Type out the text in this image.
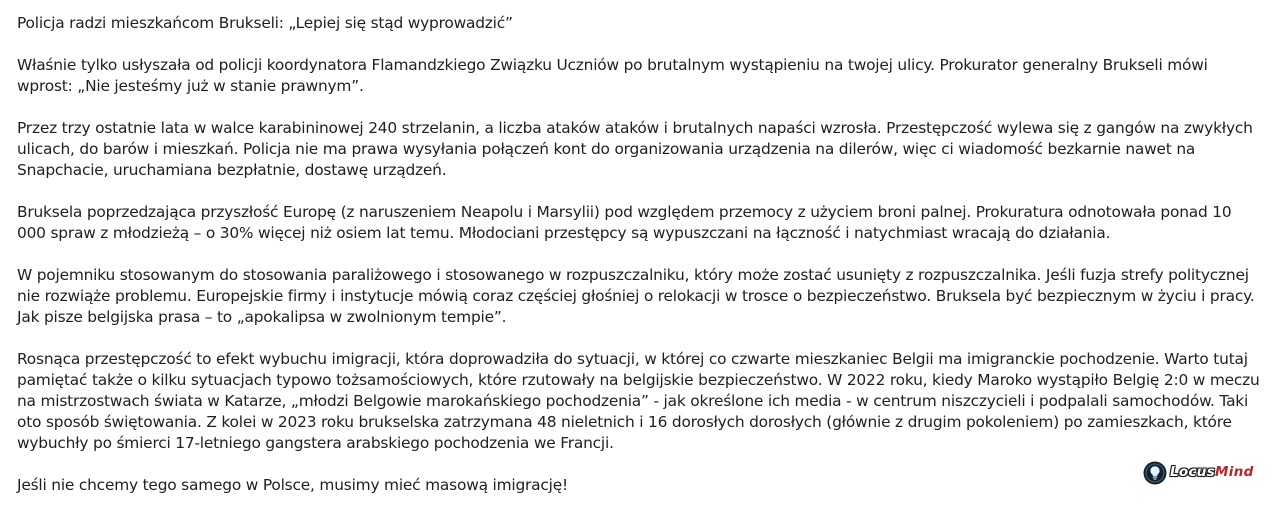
Policja radzi mieszkańcom Brukseli: „Lepiej się stąd wyprowadzić”

Właśnie tylko usłyszała od policji koordynatora Flamandzkiego Związku Uczniów po brutalnym wystąpieniu na twojej ulicy. Prokurator generalny Brukseli mówi wprost: „Nie jesteśmy już w stanie prawnym”.

Przez trzy ostatnie lata w walce karabininowej 240 strzelanin, a liczba ataków ataków i brutalnych napaści wzrosła. Przestępczość wylewa się z gangów na zwykłych ulicach, do barów i mieszkań. Policja nie ma prawa wysyłania połączeń kont do organizowania urządzenia na dilerów, więc ci wiadomość bezkarnie nawet na Snapchacie, uruchamiana bezpłatnie, dostawę urządzeń.

Bruksela poprzedzająca przyszłość Europę (z naruszeniem Neapolu i Marsylii) pod względem przemocy z użyciem broni palnej. Prokuratura odnotowała ponad 10 000 spraw z młodzieżą – o 30% więcej niż osiem lat temu. Młodociani przestępcy są wypuszczani na łączność i natychmiast wracają do działania.

W pojemniku stosowanym do stosowania paraliżowego i stosowanego w rozpuszczalniku, który może zostać usunięty z rozpuszczalnika. Jeśli fuzja strefy politycznej nie rozwiąże problemu. Europejskie firmy i instytucje mówią coraz częściej głośniej o relokacji w trosce o bezpieczeństwo. Bruksela być bezpiecznym w życiu i pracy. Jak pisze belgijska prasa – to „apokalipsa w zwolnionym tempie”.

Rosnąca przestępczość to efekt wybuchu imigracji, która doprowadziła do sytuacji, w której co czwarte mieszkaniec Belgii ma imigranckie pochodzenie. Warto tutaj pamiętać także o kilku sytuacjach typowo tożsamościowych, które rzutowały na belgijskie bezpieczeństwo. W 2022 roku, kiedy Maroko wystąpiło Belgię 2:0 w meczu na mistrzostwach świata w Katarze, „młodzi Belgowie marokańskiego pochodzenia” - jak określone ich media - w centrum niszczycieli i podpalali samochodów. Taki oto sposób świętowania. Z kolei w 2023 roku brukselska zatrzymana 48 nieletnich i 16 dorosłych dorosłych (głównie z drugim pokoleniem) po zamieszkach, które wybuchły po śmierci 17-letniego gangstera arabskiego pochodzenia we Francji.

Jeśli nie chcemy tego samego w Polsce, musimy mieć masową imigrację!

LocusMind
